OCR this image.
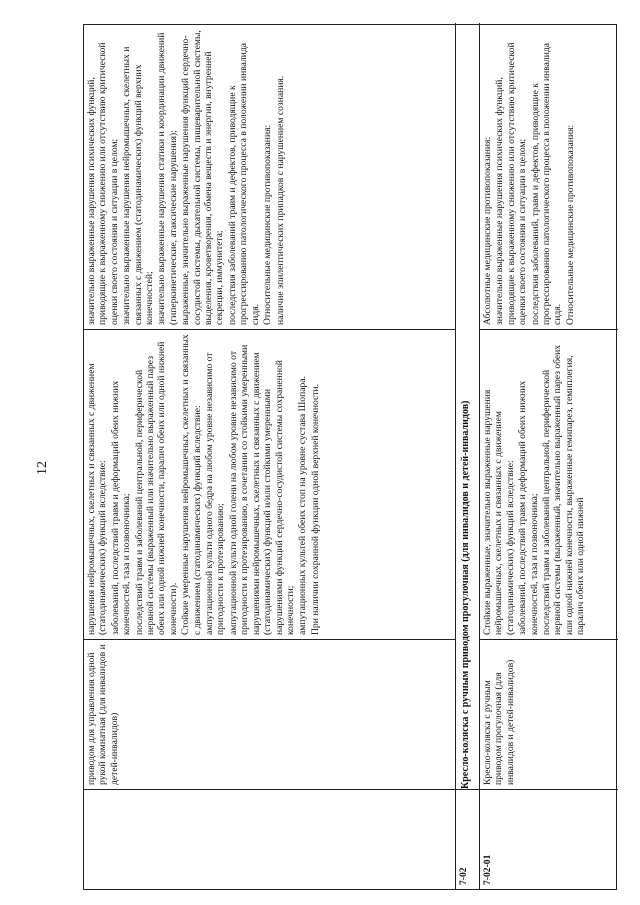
12
приводом для управления одной рукой комнатная (для инвалидов и детей-инвалидов)

нарушения нейромышечных, скелетных и связанных с движением (статодинамических) функций вследствие: заболеваний, последствий травм и деформаций обеих нижних конечностей, таза и позвоночника; последствий травм и заболеваний центральной, периферической нервной системы (выраженный или значительно выраженный парез обеих или одной нижней конечности, паралич обеих или одной нижней конечности). Стойкие умеренные нарушения нейромышечных, скелетных и связанных с движением (статодинамических) функций вследствие: ампутационной культи одного бедра на любом уровне независимо от пригодности к протезированию; ампутационной культи одной голени на любом уровне независимо от пригодности к протезированию, в сочетании со стойкими умеренными нарушениями нейромышечных, скелетных и связанных с движением (статодинамических) функций и/или стойкими умеренными нарушениями функций сердечно-сосудистой системы сохраненной конечности; ампутационных культей обеих стоп на уровне сустава Шопара. При наличии сохранной функции одной верхней конечности.

значительно выраженные нарушения психических функций, приводящие к выраженному снижению или отсутствию критической оценки своего состояния и ситуации в целом; значительно выраженные нарушения нейромышечных, скелетных и связанных с движением (статодинамических) функций верхних конечностей; значительно выраженные нарушения статики и координации движений (гиперкинетические, атаксические нарушения); выраженные, значительно выраженные нарушения функций сердечно-сосудистой системы, дыхательной системы, пищеварительной системы, выделения, кроветворения, обмена веществ и энергии, внутренней секреции, иммунитета; последствия заболеваний травм и дефектов, приводящие к прогрессированию патологического процесса в положении инвалида сидя. Относительные медицинские противопоказания: наличие эпилептических припадков с нарушением сознания.

7-02
Кресло-коляска с ручным приводом прогулочная (для инвалидов и детей-инвалидов)
7-02-01
Кресло-коляска с ручным приводом прогулочная (для инвалидов и детей-инвалидов)

Стойкие выраженные, значительно выраженные нарушения нейромышечных, скелетных и связанных с движением (статодинамических) функций вследствие: заболеваний, последствий травм и деформаций обеих нижних конечностей, таза и позвоночника; последствий травм и заболеваний центральной, периферической нервной системы (выраженный, значительно выраженный парез обеих или одной нижней конечности, выраженные гемипарез, гемиплегия, паралич обеих или одной нижней

Абсолютные медицинские противопоказания: значительно выраженные нарушения психических функций, приводящие к выраженному снижению или отсутствию критической оценки своего состояния и ситуации в целом; последствия заболеваний, травм и дефектов, приводящие к прогрессированию патологического процесса в положении инвалида сидя. Относительные медицинские противопоказания:
